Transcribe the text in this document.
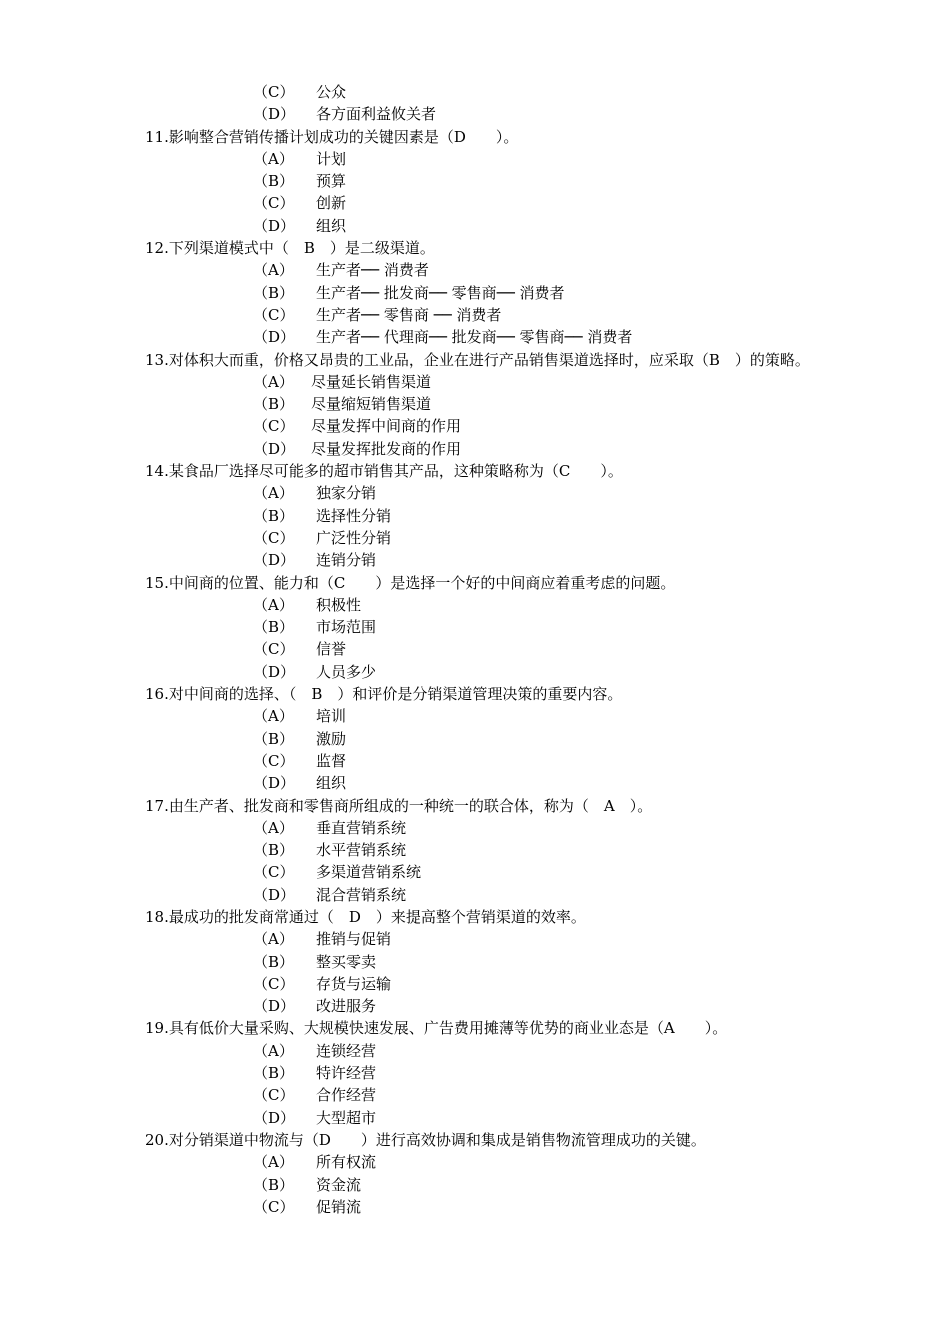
（C） 公众
（D） 各方面利益攸关者
11.影响整合营销传播计划成功的关键因素是（D　　）。
（A） 计划
（B） 预算
（C） 创新
（D） 组织
12.下列渠道模式中（　B　）是二级渠道。
（A） 生产者── 消费者
（B） 生产者── 批发商── 零售商── 消费者
（C） 生产者── 零售商 ── 消费者
（D） 生产者── 代理商── 批发商── 零售商── 消费者
13.对体积大而重，价格又昂贵的工业品，企业在进行产品销售渠道选择时，应采取（B　）的策略。
（A） 尽量延长销售渠道
（B） 尽量缩短销售渠道
（C） 尽量发挥中间商的作用
（D） 尽量发挥批发商的作用
14.某食品厂选择尽可能多的超市销售其产品，这种策略称为（C　　）。
（A） 独家分销
（B） 选择性分销
（C） 广泛性分销
（D） 连销分销
15.中间商的位置、能力和（C　　）是选择一个好的中间商应着重考虑的问题。
（A） 积极性
（B） 市场范围
（C） 信誉
（D） 人员多少
16.对中间商的选择、（　B　）和评价是分销渠道管理决策的重要内容。
（A） 培训
（B） 激励
（C） 监督
（D） 组织
17.由生产者、批发商和零售商所组成的一种统一的联合体，称为（　A　）。
（A） 垂直营销系统
（B） 水平营销系统
（C） 多渠道营销系统
（D） 混合营销系统
18.最成功的批发商常通过（　D　）来提高整个营销渠道的效率。
（A） 推销与促销
（B） 整买零卖
（C） 存货与运输
（D） 改进服务
19.具有低价大量采购、大规模快速发展、广告费用摊薄等优势的商业业态是（A　　）。
（A） 连锁经营
（B） 特许经营
（C） 合作经营
（D） 大型超市
20.对分销渠道中物流与（D　　）进行高效协调和集成是销售物流管理成功的关键。
（A） 所有权流
（B） 资金流
（C） 促销流
